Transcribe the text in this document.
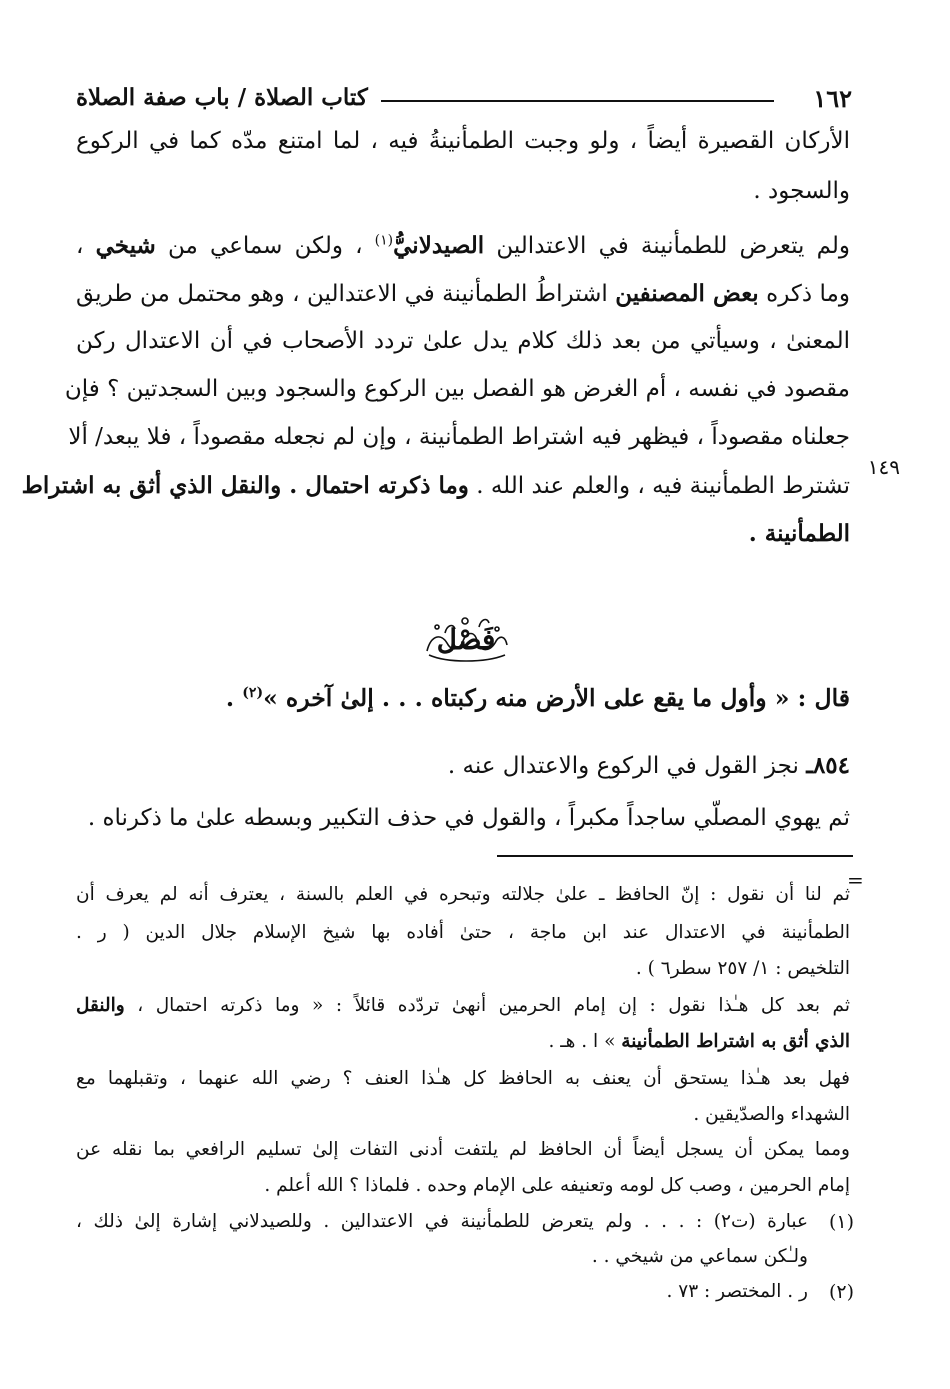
١٦٢
كتاب الصلاة / باب صفة الصلاة
الأركان القصيرة أيضاً ، ولو وجبت الطمأنينةُ فيه ، لما امتنع مدّه كما في الركوع
والسجود .
ولم يتعرض للطمأنينة في الاعتدالين الصيدلانيُّ$^{(١)}$ ، ولكن سماعي من شيخي ،
وما ذكره بعض المصنفين اشتراطُ الطمأنينة في الاعتدالين ، وهو محتمل من طريق
المعنىٰ ، وسيأتي من بعد ذلك كلام يدل علىٰ تردد الأصحاب في أن الاعتدال ركن
مقصود في نفسه ، أم الغرض هو الفصل بين الركوع والسجود وبين السجدتين ؟ فإن
جعلناه مقصوداً ، فيظهر فيه اشتراط الطمأنينة ، وإن لم نجعله مقصوداً ، فلا يبعد/ ألا
تشترط الطمأنينة فيه ، والعلم عند الله . وما ذكرته احتمال . والنقل الذي أثق به اشتراط
الطمأنينة .
١٤٩
فَصْل
قال : « وأول ما يقع على الأرض منه ركبتاه . . . إلىٰ آخره »$^{(٢)}$ .
٨٥٤ـ نجز القول في الركوع والاعتدال عنه .
ثم يهوي المصلّي ساجداً مكبراً ، والقول في حذف التكبير وبسطه علىٰ ما ذكرناه .
=
ثم لنا أن نقول : إنّ الحافظ ـ علىٰ جلالته وتبحره في العلم بالسنة ، يعترف أنه لم يعرف أن
الطمأنينة في الاعتدال عند ابن ماجة ، حتىٰ أفاده بها شيخ الإسلام جلال الدين ( ر .
التلخيص : ١/ ٢٥٧ سطر٦ ) .
ثم بعد كل هـٰذا نقول : إن إمام الحرمين أنهىٰ تردّده قائلاً : « وما ذكرته احتمال ، والنقل
الذي أثق به اشتراط الطمأنينة » ا . هـ .
فهل بعد هـٰذا يستحق أن يعنف به الحافظ كل هـٰذا العنف ؟ رضي الله عنهما ، وتقبلهما مع
الشهداء والصدّيقين .
ومما يمكن أن يسجل أيضاً أن الحافظ لم يلتفت أدنى التفات إلىٰ تسليم الرافعي بما نقله عن
إمام الحرمين ، وصب كل لومه وتعنيفه على الإمام وحده . فلماذا ؟ الله أعلم .
(١)
عبارة (ت٢) : . . . ولم يتعرض للطمأنينة في الاعتدالين . وللصيدلاني إشارة إلىٰ ذلك ،
ولـٰكن سماعي من شيخي . .
(٢)
ر . المختصر : ٧٣ .
